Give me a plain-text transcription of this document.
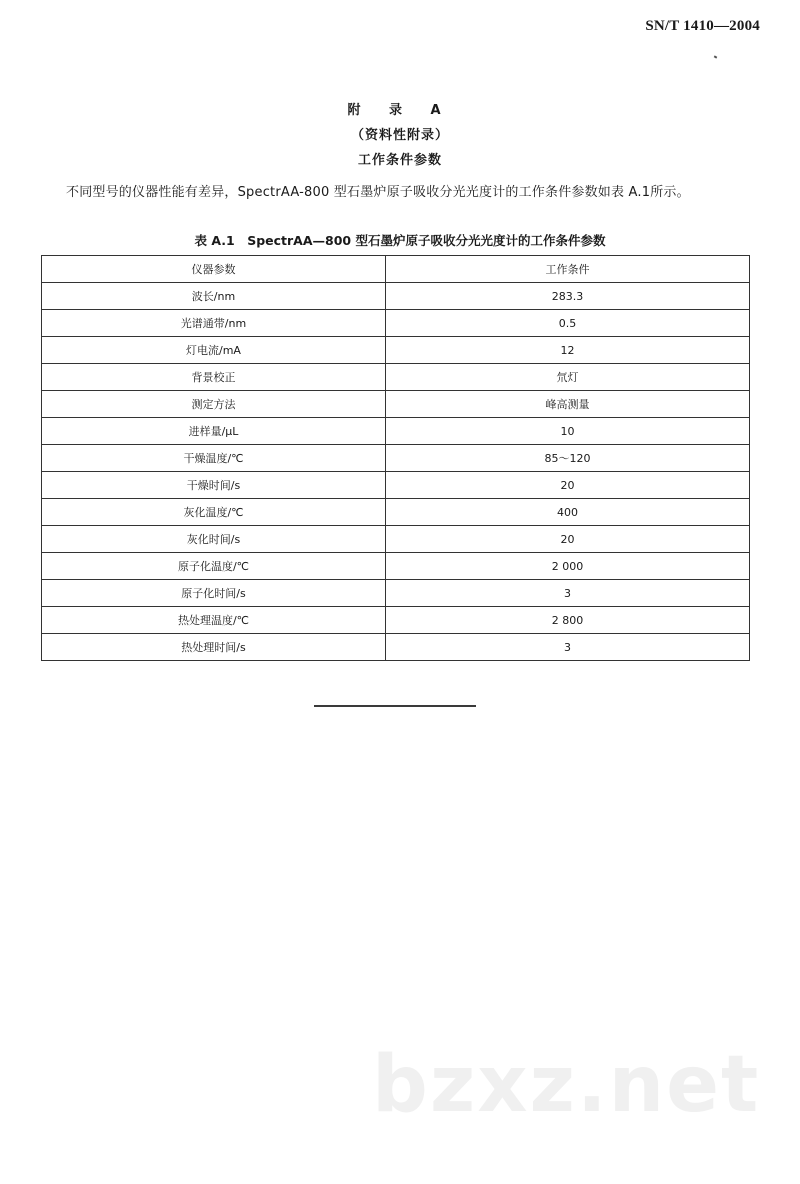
SN/T 1410—2004
附 录 A
（资料性附录）
工作条件参数
不同型号的仪器性能有差异，SpectrAA-800 型石墨炉原子吸收分光光度计的工作条件参数如表 A.1所示。
表 A.1　SpectrAA—800 型石墨炉原子吸收分光光度计的工作条件参数
仪器参数	工作条件
波长/nm	283.3
光谱通带/nm	0.5
灯电流/mA	12
背景校正	氘灯
测定方法	峰高测量
进样量/μL	10
干燥温度/℃	85～120
干燥时间/s	20
灰化温度/℃	400
灰化时间/s	20
原子化温度/℃	2 000
原子化时间/s	3
热处理温度/℃	2 800
热处理时间/s	3
bzxz.net
